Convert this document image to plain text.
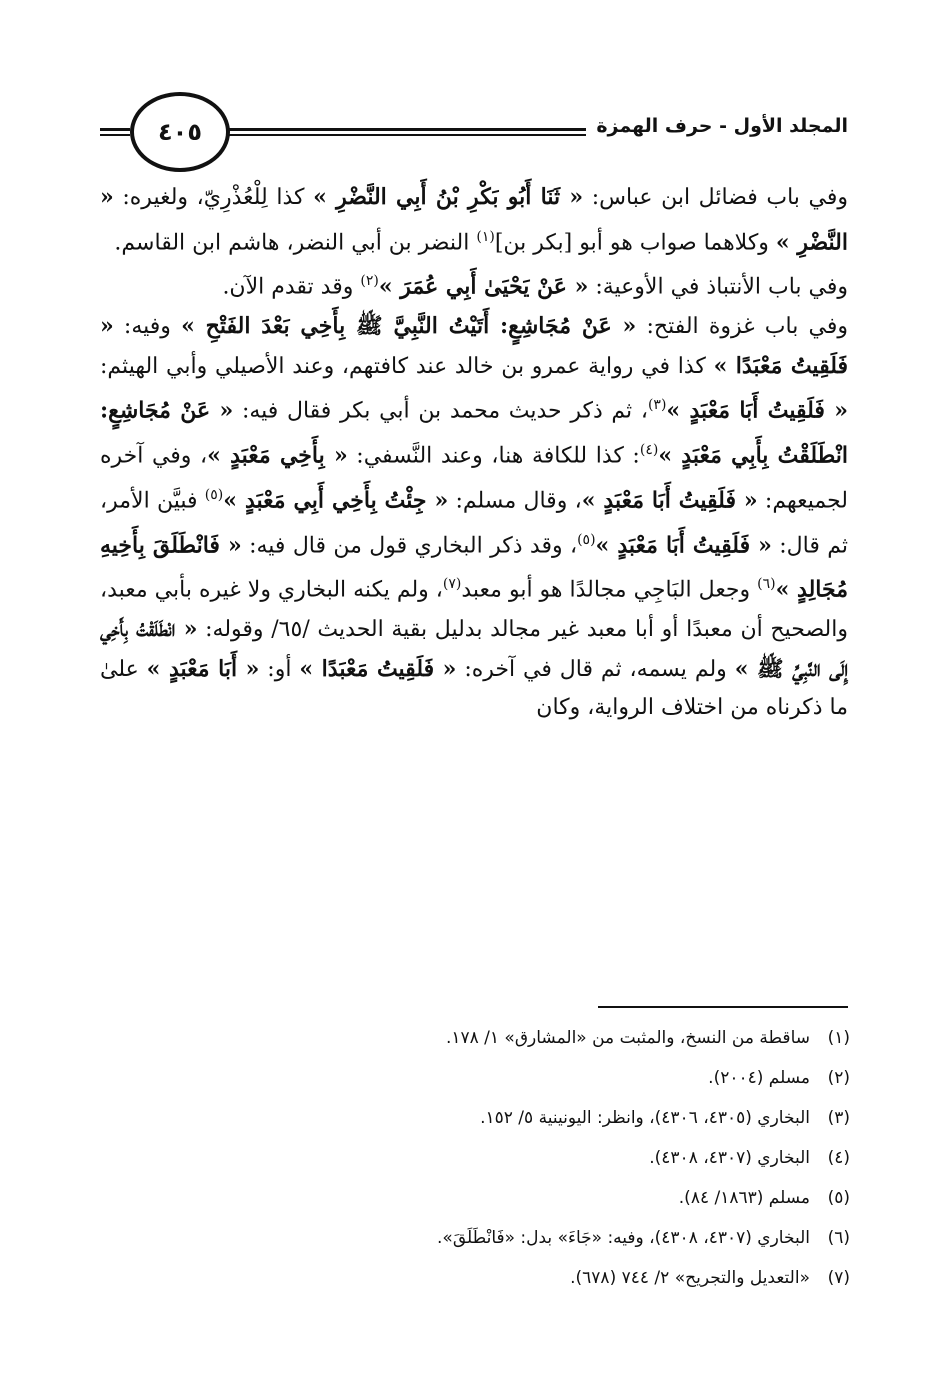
٤٠٥	المجلد الأول - حرف الهمزة

وفي باب فضائل ابن عباس: « ثَنَا أَبُو بَكْرِ بْنُ أَبِي النَّضْرِ » كذا لِلْعُذْرِيّ، ولغيره: « النَّضْرِ » وكلاهما صواب هو أبو [بكر بن]$^{(١)}$ النضر بن أبي النضر، هاشم ابن القاسم.

وفي باب الأنتباذ في الأوعية: « عَنْ يَحْيَىٰ أَبِي عُمَرَ »$^{(٢)}$ وقد تقدم الآن.

وفي باب غزوة الفتح: « عَنْ مُجَاشِعٍ: أَتَيْتُ النَّبِيَّ ﷺ بِأَخِي بَعْدَ الفَتْحِ » وفيه: « فَلَقِيتُ مَعْبَدًا » كذا في رواية عمرو بن خالد عند كافتهم، وعند الأصيلي وأبي الهيثم: « فَلَقِيتُ أَبَا مَعْبَدٍ »$^{(٣)}$، ثم ذكر حديث محمد بن أبي بكر فقال فيه: « عَنْ مُجَاشِعٍ: انْطَلَقْتُ بِأَبِي مَعْبَدٍ »$^{(٤)}$: كذا للكافة هنا، وعند النَّسفي: « بِأَخِي مَعْبَدٍ »، وفي آخره لجميعهم: « فَلَقِيتُ أَبَا مَعْبَدٍ »، وقال مسلم: « جِئْتُ بِأَخِي أَبِي مَعْبَدٍ »$^{(٥)}$ فبيَّن الأمر، ثم قال: « فَلَقِيتُ أَبَا مَعْبَدٍ »$^{(٥)}$، وقد ذكر البخاري قول من قال فيه: « فَانْطَلَقَ بِأَخِيهِ مُجَالِدٍ »$^{(٦)}$ وجعل البَاجِي مجالدًا هو أبو معبد$^{(٧)}$، ولم يكنه البخاري ولا غيره بأبي معبد، والصحيح أن معبدًا أو أبا معبد غير مجالد بدليل بقية الحديث /٦٥/ وقوله: « انْطَلَقْتُ بِأَخِي إِلَى النَّبِيِّ ﷺ » ولم يسمه، ثم قال في آخره: « فَلَقِيتُ مَعْبَدًا » أو: « أَبَا مَعْبَدٍ » علىٰ ما ذكرناه من اختلاف الرواية، وكان

(١)ساقطة من النسخ، والمثبت من «المشارق» ١/ ١٧٨.
(٢)مسلم (٢٠٠٤).
(٣)البخاري (٤٣٠٥، ٤٣٠٦)، وانظر: اليونينية ٥/ ١٥٢.
(٤)البخاري (٤٣٠٧، ٤٣٠٨).
(٥)مسلم (١٨٦٣/ ٨٤).
(٦)البخاري (٤٣٠٧، ٤٣٠٨)، وفيه: «جَاءَ» بدل: «فَانْطَلَقَ».
(٧)«التعديل والتجريح» ٢/ ٧٤٤ (٦٧٨).
